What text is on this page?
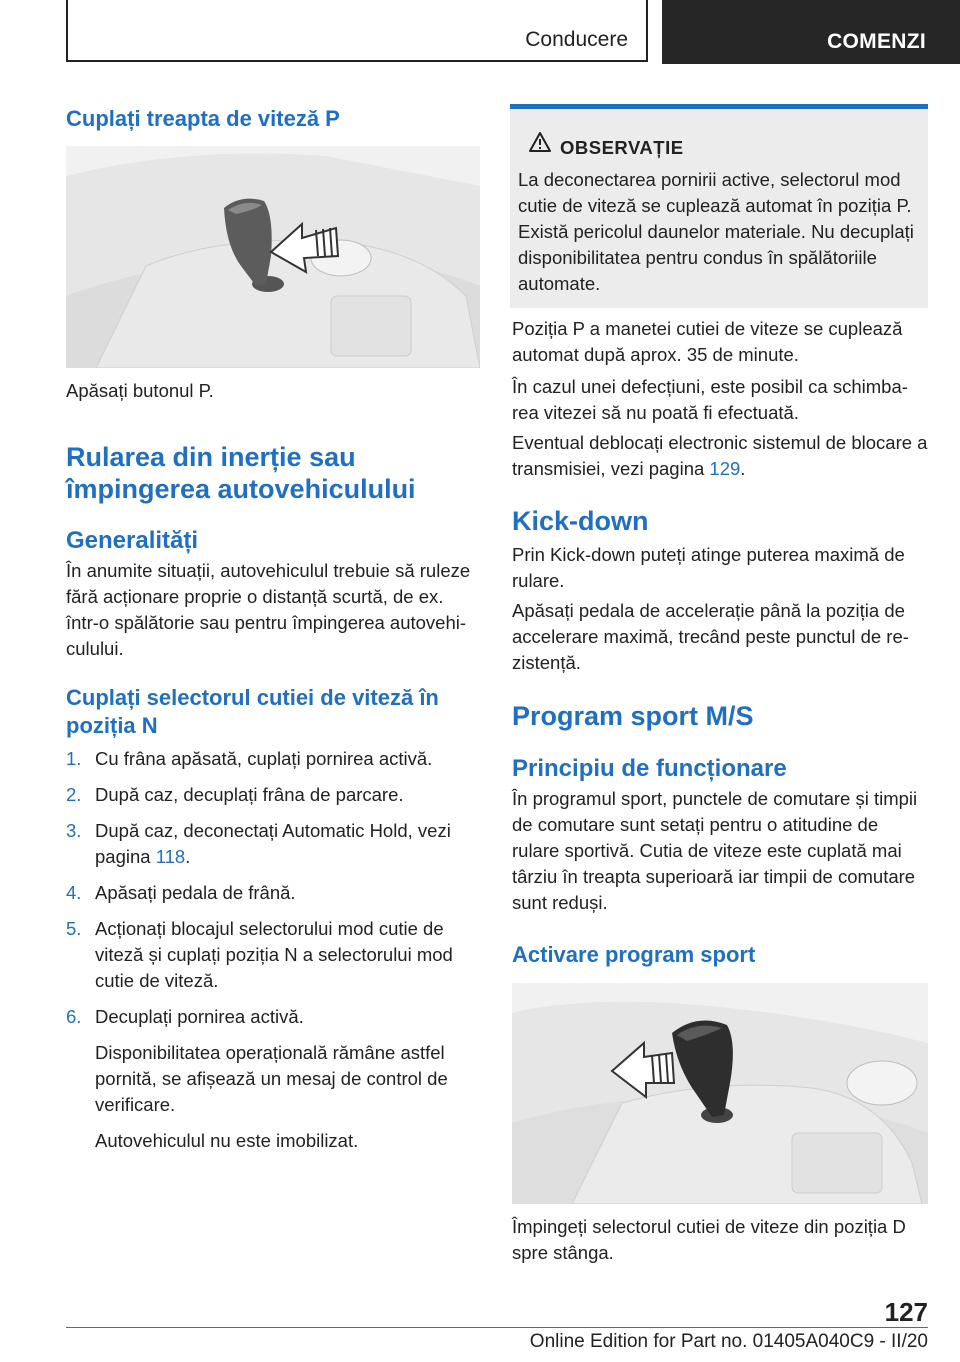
Conducere	COMENZI
Cuplați treapta de viteză P

Apăsați butonul P.

Rularea din inerție sau împingerea autovehiculului
Generalități

În anumite situații, autovehiculul trebuie să ruleze fără acționare proprie o distanță scurtă, de ex. într-o spălătorie sau pentru împingerea autovehiculului.

Cuplați selectorul cutiei de viteză în poziția N
1. Cu frâna apăsată, cuplați pornirea activă.
2. După caz, decuplați frâna de parcare.
3. După caz, deconectați Automatic Hold, vezi pagina 118.
4. Apăsați pedala de frână.
5. Acționați blocajul selectorului mod cutie de viteză și cuplați poziția N a selectorului mod cutie de viteză.
6. Decuplați pornirea activă.
Disponibilitatea operațională rămâne astfel pornită, se afișează un mesaj de control de verificare.
Autovehiculul nu este imobilizat.
OBSERVAȚIE
La deconectarea pornirii active, selectorul mod cutie de viteză se cuplează automat în poziția P. Există pericolul daunelor materiale. Nu decuplați disponibilitatea pentru condus în spălătoriile automate.

Poziția P a manetei cutiei de viteze se cuplează automat după aprox. 35 de minute.

În cazul unei defecțiuni, este posibil ca schimbarea vitezei să nu poată fi efectuată.

Eventual deblocați electronic sistemul de blocare a transmisiei, vezi pagina 129.

Kick-down

Prin Kick-down puteți atinge puterea maximă de rulare.

Apăsați pedala de accelerație până la poziția de accelerare maximă, trecând peste punctul de rezistență.

Program sport M/S
Principiu de funcționare

În programul sport, punctele de comutare și timpii de comutare sunt setați pentru o atitudine de rulare sportivă. Cutia de viteze este cuplată mai târziu în treapta superioară iar timpii de comutare sunt reduși.

Activare program sport

Împingeți selectorul cutiei de viteze din poziția D spre stânga.

127
Online Edition for Part no. 01405A040C9 - II/20
